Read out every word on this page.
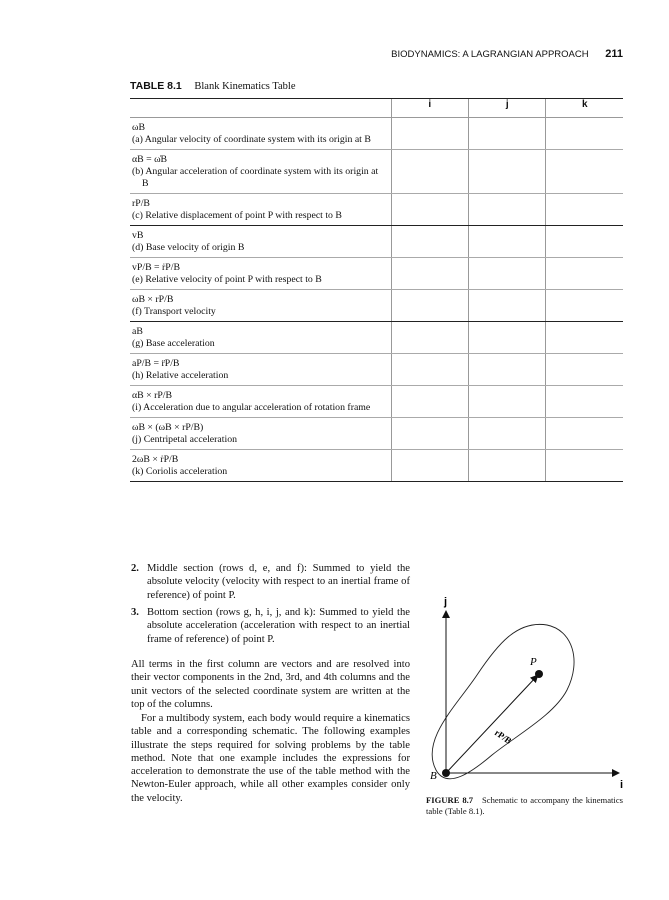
BIODYNAMICS: A LAGRANGIAN APPROACH 211
TABLE 8.1 Blank Kinematics Table
	i	j	k

ωB
(a) Angular velocity of coordinate system with its origin at B			

αB = ω̇B
(b) Angular acceleration of coordinate system with its origin at B			

rP/B
(c) Relative displacement of point P with respect to B			

vB
(d) Base velocity of origin B			

vP/B = ṙP/B
(e) Relative velocity of point P with respect to B			

ωB × rP/B
(f) Transport velocity			

aB
(g) Base acceleration			

aP/B = r̈P/B
(h) Relative acceleration			

αB × rP/B
(i) Acceleration due to angular acceleration of rotation frame			

ωB × (ωB × rP/B)
(j) Centripetal acceleration			

2ωB × ṙP/B
(k) Coriolis acceleration			

2. Middle section (rows d, e, and f): Summed to yield the absolute velocity (velocity with respect to an inertial frame of reference) of point P.
3. Bottom section (rows g, h, i, j, and k): Summed to yield the absolute acceleration (acceleration with respect to an inertial frame of reference) of point P.
All terms in the first column are vectors and are resolved into their vector components in the 2nd, 3rd, and 4th columns and the unit vectors of the selected coordinate system are written at the top of the columns.
For a multibody system, each body would require a kinematics table and a corresponding schematic. The following examples illustrate the steps required for solving problems by the table method. Note that one example includes the expressions for acceleration to demonstrate the use of the table method with the Newton-Euler approach, while all other examples consider only the velocity.
j
i
P
B
rP/B
FIGURE 8.7 Schematic to accompany the kinematics table (Table 8.1).
